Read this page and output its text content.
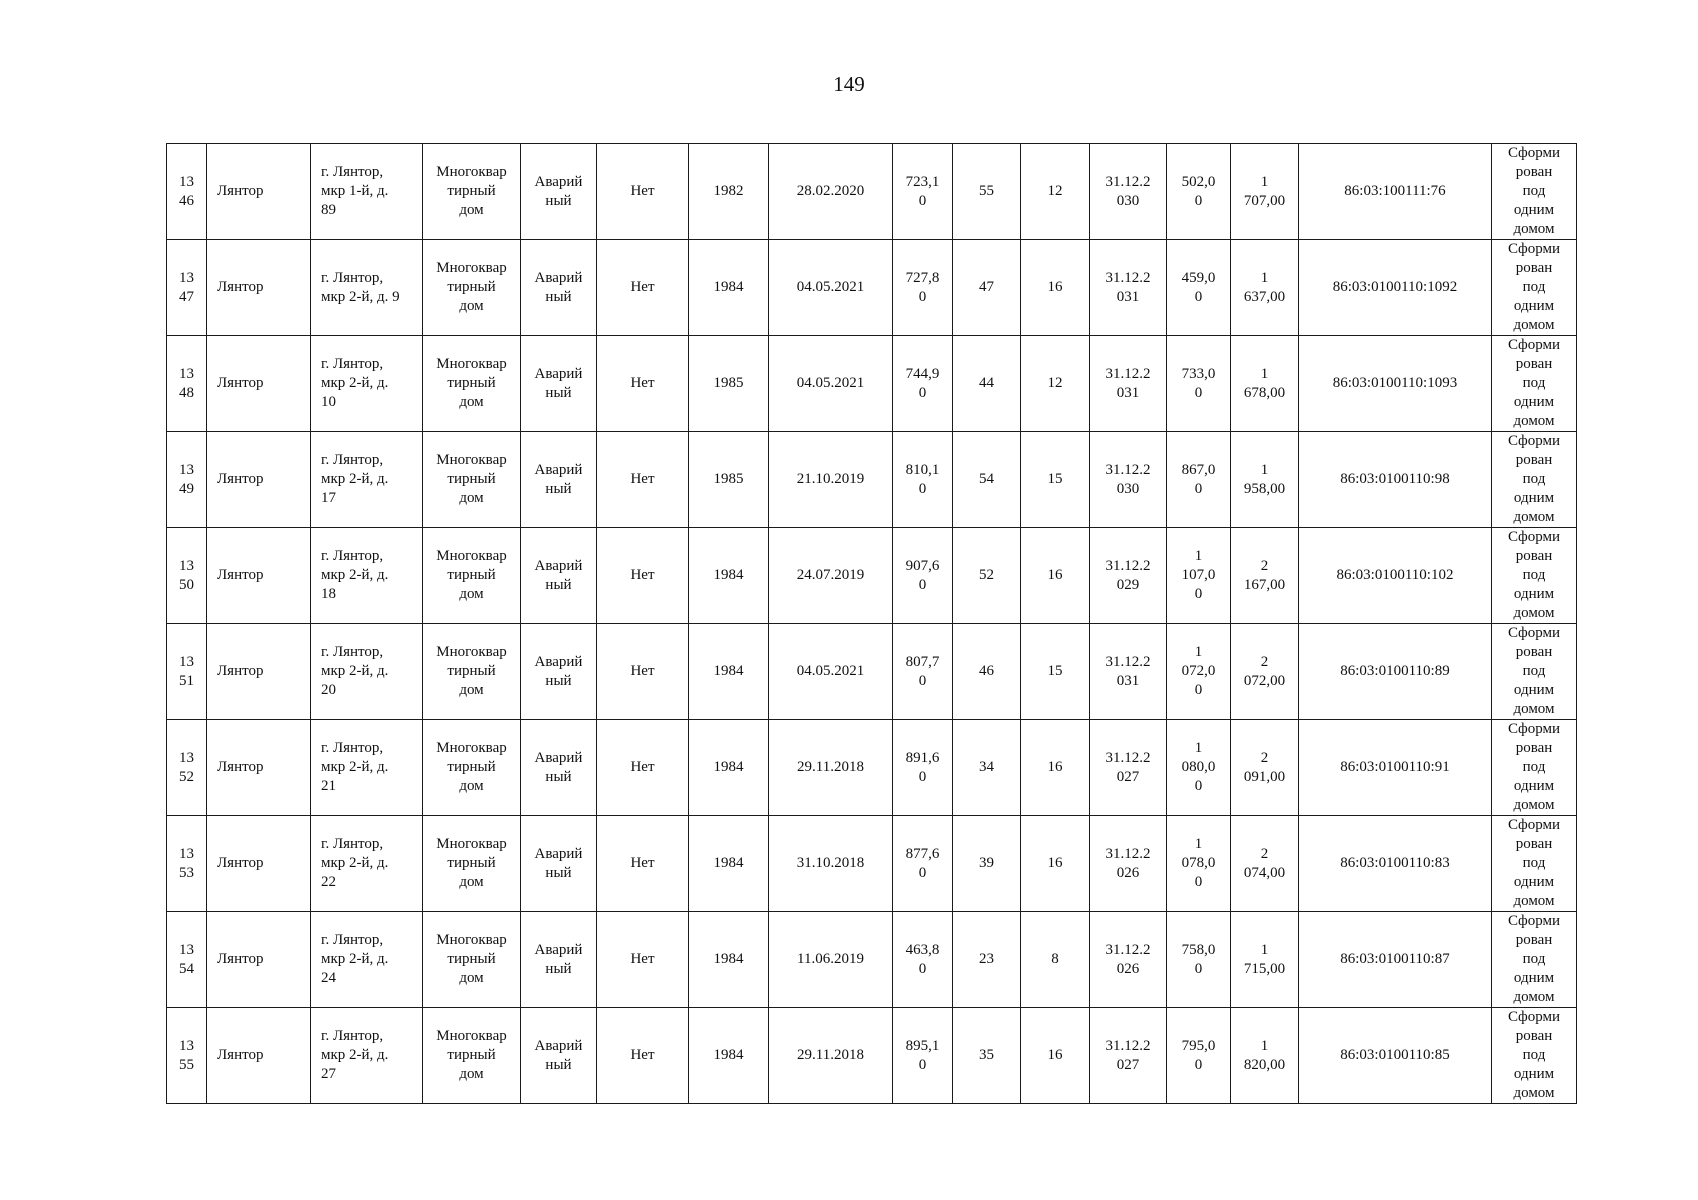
149
13
46	Лянтор	г. Лянтор,
мкр 1-й, д.
89	Многоквар
тирный
дом	Аварий
ный	Нет	1982	28.02.2020	723,1
0	55	12	31.12.2
030	502,0
0	1
707,00	86:03:100111:76	Сформи
рован
под
одним
домом
13
47	Лянтор	г. Лянтор,
мкр 2-й, д. 9	Многоквар
тирный
дом	Аварий
ный	Нет	1984	04.05.2021	727,8
0	47	16	31.12.2
031	459,0
0	1
637,00	86:03:0100110:1092	Сформи
рован
под
одним
домом
13
48	Лянтор	г. Лянтор,
мкр 2-й, д.
10	Многоквар
тирный
дом	Аварий
ный	Нет	1985	04.05.2021	744,9
0	44	12	31.12.2
031	733,0
0	1
678,00	86:03:0100110:1093	Сформи
рован
под
одним
домом
13
49	Лянтор	г. Лянтор,
мкр 2-й, д.
17	Многоквар
тирный
дом	Аварий
ный	Нет	1985	21.10.2019	810,1
0	54	15	31.12.2
030	867,0
0	1
958,00	86:03:0100110:98	Сформи
рован
под
одним
домом
13
50	Лянтор	г. Лянтор,
мкр 2-й, д.
18	Многоквар
тирный
дом	Аварий
ный	Нет	1984	24.07.2019	907,6
0	52	16	31.12.2
029	1
107,0
0	2
167,00	86:03:0100110:102	Сформи
рован
под
одним
домом
13
51	Лянтор	г. Лянтор,
мкр 2-й, д.
20	Многоквар
тирный
дом	Аварий
ный	Нет	1984	04.05.2021	807,7
0	46	15	31.12.2
031	1
072,0
0	2
072,00	86:03:0100110:89	Сформи
рован
под
одним
домом
13
52	Лянтор	г. Лянтор,
мкр 2-й, д.
21	Многоквар
тирный
дом	Аварий
ный	Нет	1984	29.11.2018	891,6
0	34	16	31.12.2
027	1
080,0
0	2
091,00	86:03:0100110:91	Сформи
рован
под
одним
домом
13
53	Лянтор	г. Лянтор,
мкр 2-й, д.
22	Многоквар
тирный
дом	Аварий
ный	Нет	1984	31.10.2018	877,6
0	39	16	31.12.2
026	1
078,0
0	2
074,00	86:03:0100110:83	Сформи
рован
под
одним
домом
13
54	Лянтор	г. Лянтор,
мкр 2-й, д.
24	Многоквар
тирный
дом	Аварий
ный	Нет	1984	11.06.2019	463,8
0	23	8	31.12.2
026	758,0
0	1
715,00	86:03:0100110:87	Сформи
рован
под
одним
домом
13
55	Лянтор	г. Лянтор,
мкр 2-й, д.
27	Многоквар
тирный
дом	Аварий
ный	Нет	1984	29.11.2018	895,1
0	35	16	31.12.2
027	795,0
0	1
820,00	86:03:0100110:85	Сформи
рован
под
одним
домом
